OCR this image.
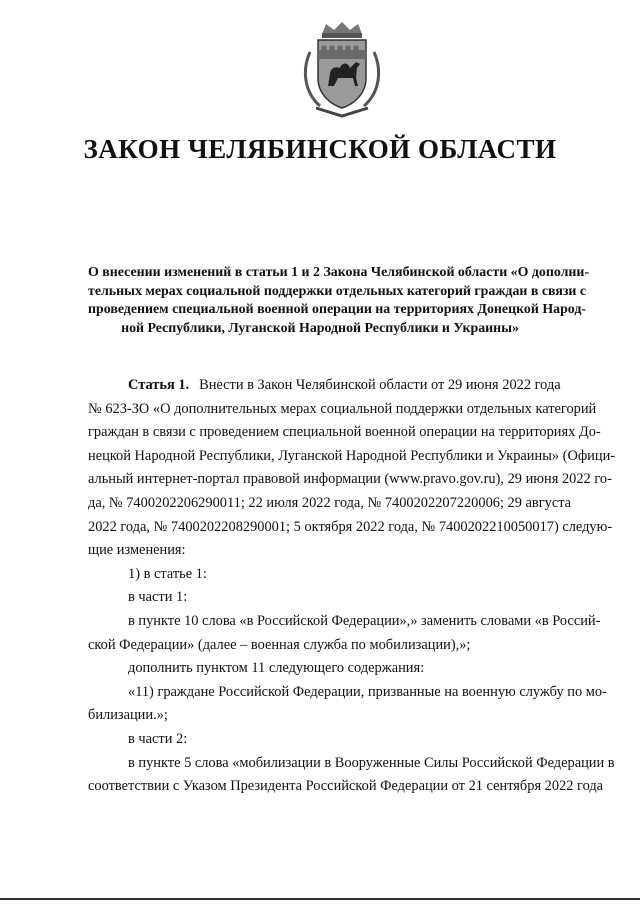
ЗАКОН ЧЕЛЯБИНСКОЙ ОБЛАСТИ
О внесении изменений в статьи 1 и 2 Закона Челябинской области «О дополни-
тельных мерах социальной поддержки отдельных категорий граждан в связи с
проведением специальной военной операции на территориях Донецкой Народ-
ной Республики, Луганской Народной Республики и Украины»
Статья 1. Внести в Закон Челябинской области от 29 июня 2022 года
№ 623-ЗО «О дополнительных мерах социальной поддержки отдельных категорий
граждан в связи с проведением специальной военной операции на территориях До-
нецкой Народной Республики, Луганской Народной Республики и Украины» (Офици-
альный интернет-портал правовой информации (www.pravo.gov.ru), 29 июня 2022 го-
да, № 7400202206290011; 22 июля 2022 года, № 7400202207220006; 29 августа
2022 года, № 7400202208290001; 5 октября 2022 года, № 7400202210050017) следую-
щие изменения:
1) в статье 1:
в части 1:
в пункте 10 слова «в Российской Федерации»,» заменить словами «в Россий-
ской Федерации» (далее – военная служба по мобилизации),»;
дополнить пунктом 11 следующего содержания:
«11) граждане Российской Федерации, призванные на военную службу по мо-
билизации.»;
в части 2:
в пункте 5 слова «мобилизации в Вооруженные Силы Российской Федерации в
соответствии с Указом Президента Российской Федерации от 21 сентября 2022 года
